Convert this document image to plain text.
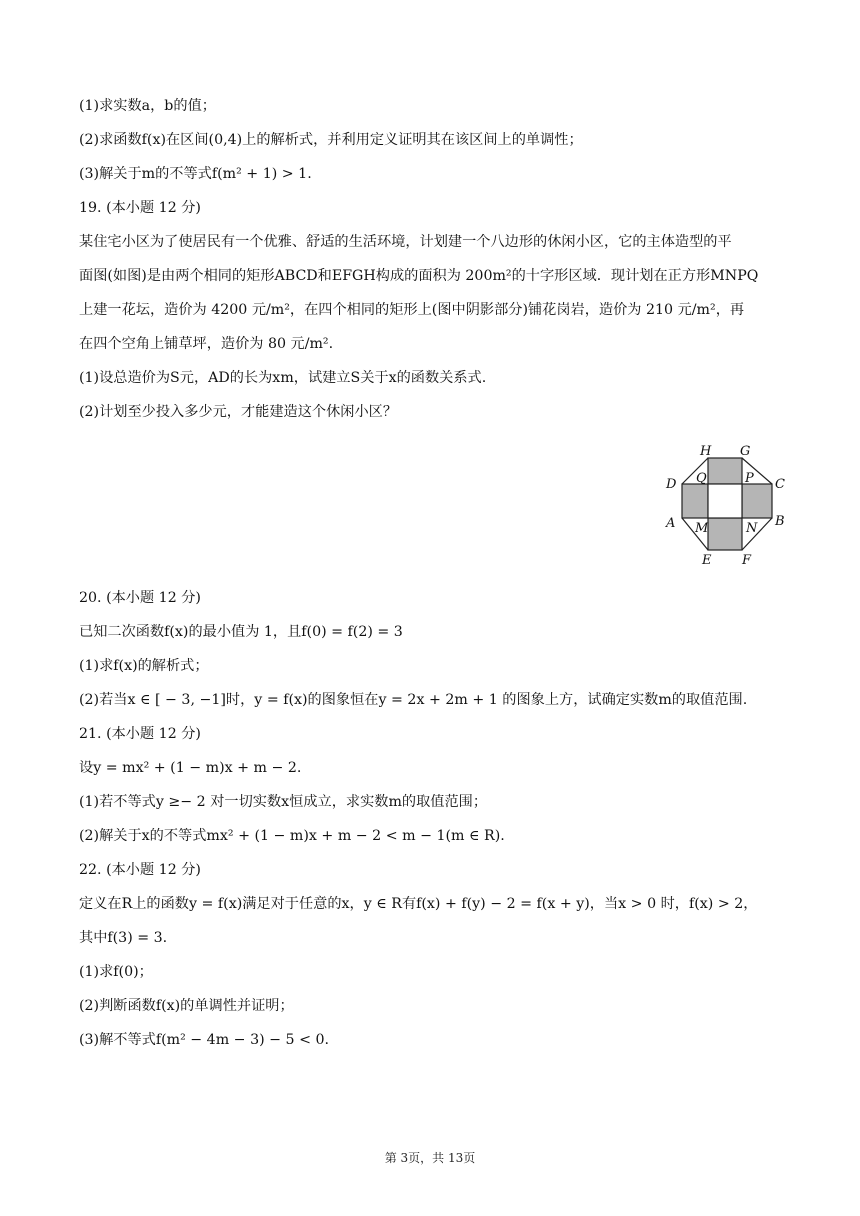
(1)求实数a，b的值；
(2)求函数f(x)在区间(0,4)上的解析式，并利用定义证明其在该区间上的单调性；
(3)解关于m的不等式f(m² + 1) > 1.
19. (本小题 12 分)
某住宅小区为了使居民有一个优雅、舒适的生活环境，计划建一个八边形的休闲小区，它的主体造型的平
面图(如图)是由两个相同的矩形ABCD和EFGH构成的面积为 200m²的十字形区域．现计划在正方形MNPQ
上建一花坛，造价为 4200 元/m²，在四个相同的矩形上(图中阴影部分)铺花岗岩，造价为 210 元/m²，再
在四个空角上铺草坪，造价为 80 元/m².
(1)设总造价为S元，AD的长为xm，试建立S关于x的函数关系式.
(2)计划至少投入多少元，才能建造这个休闲小区？
20. (本小题 12 分)
已知二次函数f(x)的最小值为 1，且f(0) = f(2) = 3
(1)求f(x)的解析式；
(2)若当x ∈ [ − 3, −1]时，y = f(x)的图象恒在y = 2x + 2m + 1 的图象上方，试确定实数m的取值范围.
21. (本小题 12 分)
设y = mx² + (1 − m)x + m − 2.
(1)若不等式y ≥− 2 对一切实数x恒成立，求实数m的取值范围；
(2)解关于x的不等式mx² + (1 − m)x + m − 2 < m − 1(m ∈ R).
22. (本小题 12 分)
定义在R上的函数y = f(x)满足对于任意的x，y ∈ R有f(x) + f(y) − 2 = f(x + y)，当x > 0 时，f(x) > 2，
其中f(3) = 3.
(1)求f(0)；
(2)判断函数f(x)的单调性并证明；
(3)解不等式f(m² − 4m − 3) − 5 < 0.
H G
Q	P
D	C
A	B
M	N
E F
第 3页，共 13页
